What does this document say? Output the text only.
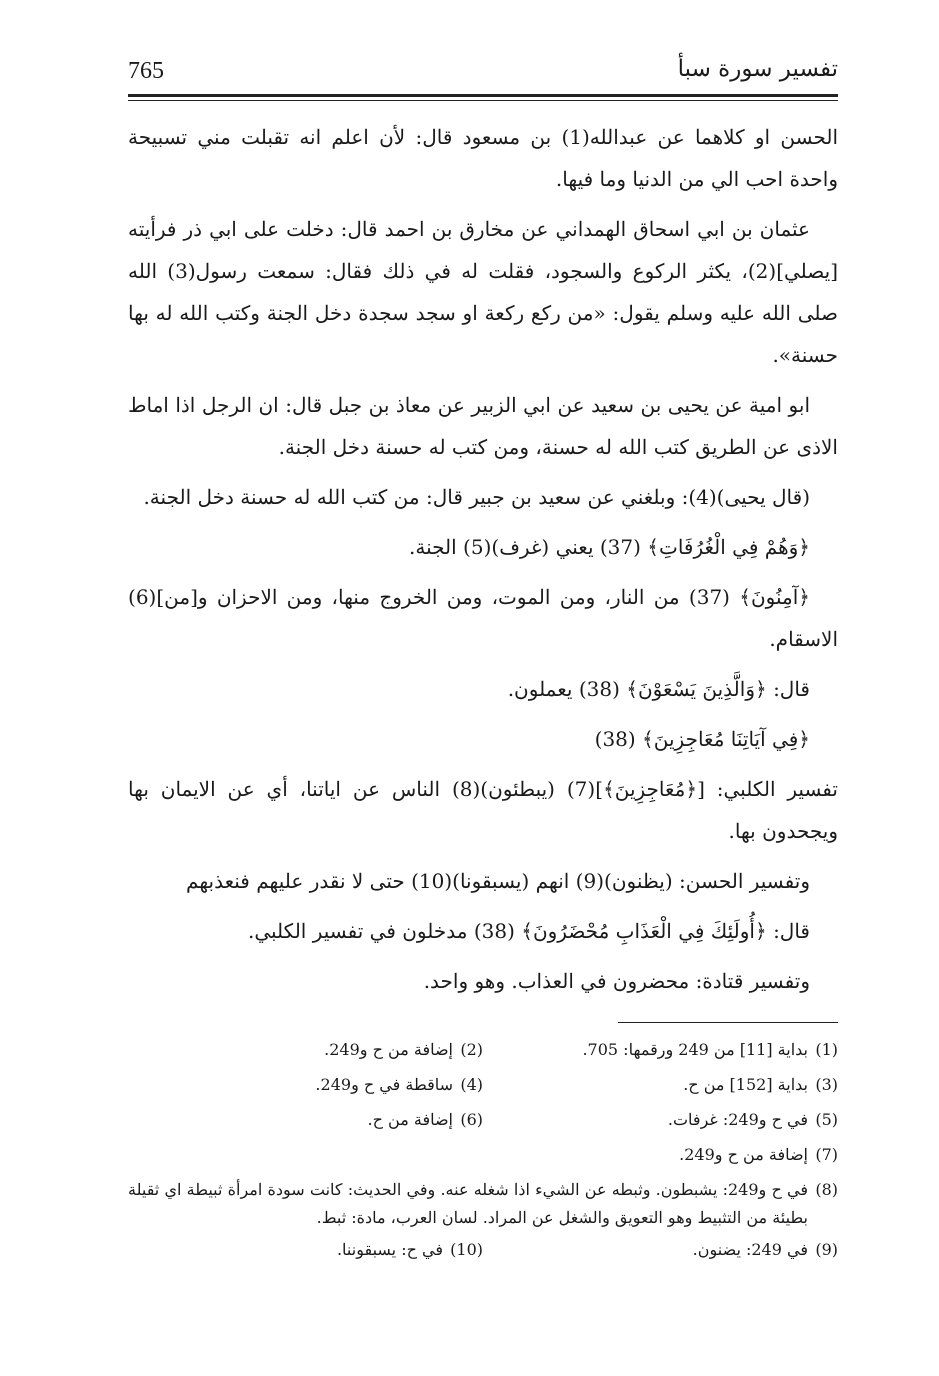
765	تفسير سورة سبأ

الحسن او كلاهما عن عبدالله(1) بن مسعود قال: لأن اعلم انه تقبلت مني تسبيحة واحدة احب الي من الدنيا وما فيها.

عثمان بن ابي اسحاق الهمداني عن مخارق بن احمد قال: دخلت على ابي ذر فرأيته [يصلي](2)، يكثر الركوع والسجود، فقلت له في ذلك فقال: سمعت رسول(3) الله صلى الله عليه وسلم يقول: «من ركع ركعة او سجد سجدة دخل الجنة وكتب الله له بها حسنة».

ابو امية عن يحيى بن سعيد عن ابي الزبير عن معاذ بن جبل قال: ان الرجل اذا اماط الاذى عن الطريق كتب الله له حسنة، ومن كتب له حسنة دخل الجنة.

(قال يحيى)(4): وبلغني عن سعيد بن جبير قال: من كتب الله له حسنة دخل الجنة.

﴿وَهُمْ فِي الْغُرُفَاتِ﴾ (37) يعني (غرف)(5) الجنة.

﴿آمِنُونَ﴾ (37) من النار، ومن الموت، ومن الخروج منها، ومن الاحزان و[من](6) الاسقام.

قال: ﴿وَالَّذِينَ يَسْعَوْنَ﴾ (38) يعملون.

﴿فِي آيَاتِنَا مُعَاجِزِينَ﴾ (38)

تفسير الكلبي: [﴿مُعَاجِزِينَ﴾](7) (يبطئون)(8) الناس عن اياتنا، أي عن الايمان بها ويجحدون بها.

وتفسير الحسن: (يظنون)(9) انهم (يسبقونا)(10) حتى لا نقدر عليهم فنعذبهم

قال: ﴿أُولَئِكَ فِي الْعَذَابِ مُحْضَرُونَ﴾ (38) مدخلون في تفسير الكلبي.

وتفسير قتادة: محضرون في العذاب. وهو واحد.

(1)بداية [11] من 249 ورقمها: 705.
(2)إضافة من ح و249.
(3)بداية [152] من ح.
(4)ساقطة في ح و249.
(5)في ح و249: غرفات.
(6)إضافة من ح.
(7)إضافة من ح و249.
(8)
في ح و249: يشبطون. وثبطه عن الشيء اذا شغله عنه. وفي الحديث: كانت سودة امرأة ثبيطة اي ثقيلة بطيئة من التثبيط وهو التعويق والشغل عن المراد. لسان العرب، مادة: ثبط.
(9)في 249: يضنون.
(10)في ح: يسبقوننا.
